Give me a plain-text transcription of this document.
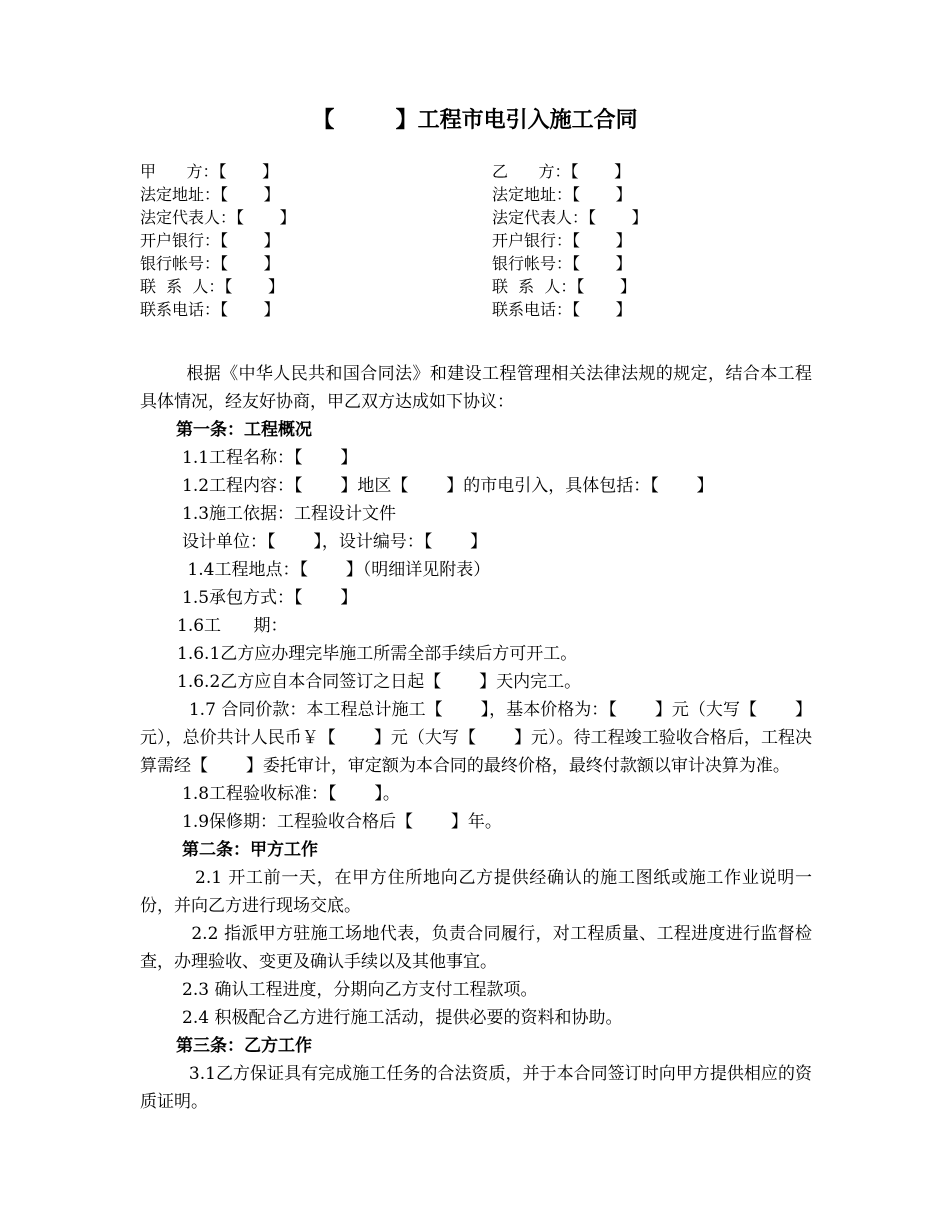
【        】工程市电引入施工合同
甲      方：【       】
法定地址：【       】
法定代表人：【       】
开户银行：【       】
银行帐号：【       】
联  系  人：【       】
联系电话：【       】
乙      方：【       】
法定地址：【       】
法定代表人：【       】
开户银行：【       】
银行帐号：【       】
联  系  人：【       】
联系电话：【       】
根据《中华人民共和国合同法》和建设工程管理相关法律法规的规定，结合本工程具体情况，经友好协商，甲乙双方达成如下协议：
第一条：工程概况
1.1工程名称：【       】
1.2工程内容：【       】地区【       】的市电引入，具体包括：【       】
1.3施工依据：工程设计文件
设计单位：【       】，设计编号：【       】
1.4工程地点：【       】（明细详见附表）
1.5承包方式：【       】
1.6工      期：
1.6.1乙方应办理完毕施工所需全部手续后方可开工。
1.6.2乙方应自本合同签订之日起【       】天内完工。
1.7 合同价款：本工程总计施工【       】，基本价格为：【       】元（大写【       】元），总价共计人民币￥【       】元（大写【       】元）。待工程竣工验收合格后，工程决算需经【       】委托审计，审定额为本合同的最终价格，最终付款额以审计决算为准。
1.8工程验收标准：【       】。
1.9保修期：工程验收合格后【       】年。
第二条：甲方工作
2.1 开工前一天，在甲方住所地向乙方提供经确认的施工图纸或施工作业说明一份，并向乙方进行现场交底。
2.2 指派甲方驻施工场地代表，负责合同履行，对工程质量、工程进度进行监督检查，办理验收、变更及确认手续以及其他事宜。
2.3 确认工程进度，分期向乙方支付工程款项。
2.4 积极配合乙方进行施工活动，提供必要的资料和协助。
第三条：乙方工作
3.1乙方保证具有完成施工任务的合法资质，并于本合同签订时向甲方提供相应的资质证明。
